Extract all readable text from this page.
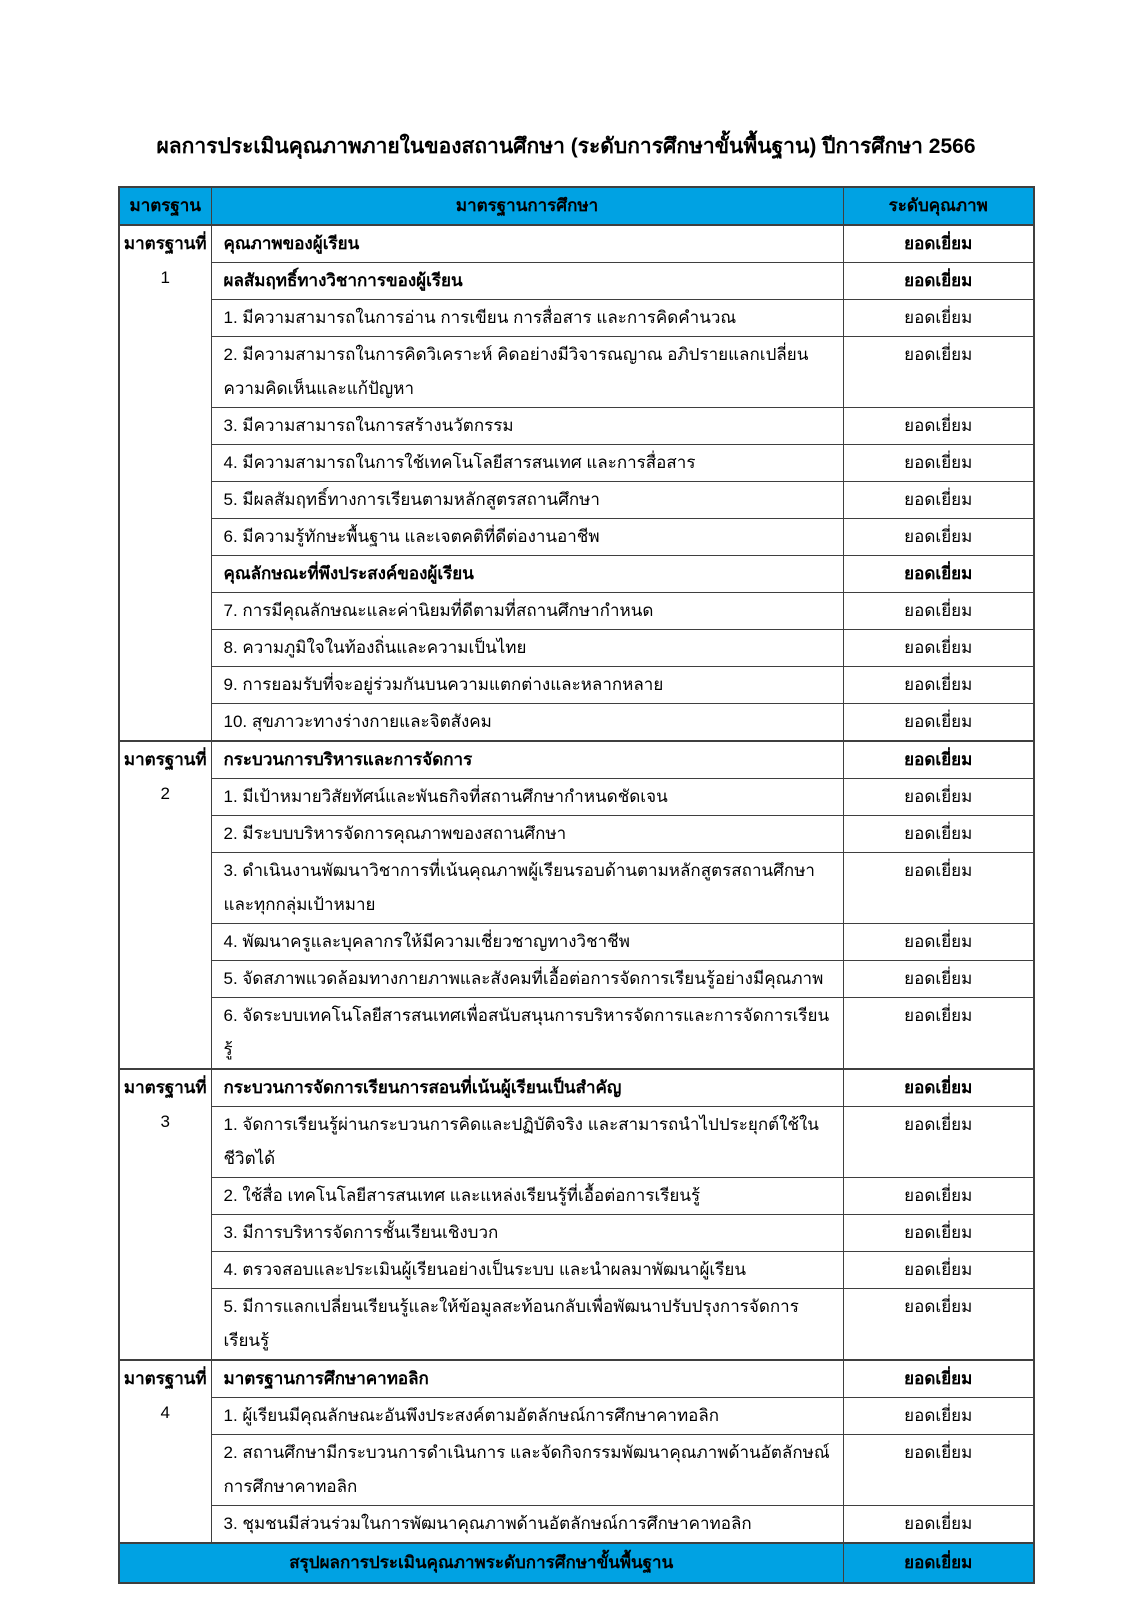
ผลการประเมินคุณภาพภายในของสถานศึกษา (ระดับการศึกษาขั้นพื้นฐาน) ปีการศึกษา 2566
มาตรฐาน	มาตรฐานการศึกษา	ระดับคุณภาพ

มาตรฐานที่
1	คุณภาพของผู้เรียน	ยอดเยี่ยม
	ผลสัมฤทธิ์ทางวิชาการของผู้เรียน	ยอดเยี่ยม
	1. มีความสามารถในการอ่าน การเขียน การสื่อสาร และการคิดคำนวณ	ยอดเยี่ยม
	2. มีความสามารถในการคิดวิเคราะห์ คิดอย่างมีวิจารณญาณ อภิปรายแลกเปลี่ยนความคิดเห็นและแก้ปัญหา	ยอดเยี่ยม
	3. มีความสามารถในการสร้างนวัตกรรม	ยอดเยี่ยม
	4. มีความสามารถในการใช้เทคโนโลยีสารสนเทศ และการสื่อสาร	ยอดเยี่ยม
	5. มีผลสัมฤทธิ์ทางการเรียนตามหลักสูตรสถานศึกษา	ยอดเยี่ยม
	6. มีความรู้ทักษะพื้นฐาน และเจตคติที่ดีต่องานอาชีพ	ยอดเยี่ยม
	คุณลักษณะที่พึงประสงค์ของผู้เรียน	ยอดเยี่ยม
	7. การมีคุณลักษณะและค่านิยมที่ดีตามที่สถานศึกษากำหนด	ยอดเยี่ยม
	8. ความภูมิใจในท้องถิ่นและความเป็นไทย	ยอดเยี่ยม
	9. การยอมรับที่จะอยู่ร่วมกันบนความแตกต่างและหลากหลาย	ยอดเยี่ยม
	10. สุขภาวะทางร่างกายและจิตสังคม	ยอดเยี่ยม

มาตรฐานที่
2	กระบวนการบริหารและการจัดการ	ยอดเยี่ยม
	1. มีเป้าหมายวิสัยทัศน์และพันธกิจที่สถานศึกษากำหนดชัดเจน	ยอดเยี่ยม
	2. มีระบบบริหารจัดการคุณภาพของสถานศึกษา	ยอดเยี่ยม
	3. ดำเนินงานพัฒนาวิชาการที่เน้นคุณภาพผู้เรียนรอบด้านตามหลักสูตรสถานศึกษาและทุกกลุ่มเป้าหมาย	ยอดเยี่ยม
	4. พัฒนาครูและบุคลากรให้มีความเชี่ยวชาญทางวิชาชีพ	ยอดเยี่ยม
	5. จัดสภาพแวดล้อมทางกายภาพและสังคมที่เอื้อต่อการจัดการเรียนรู้อย่างมีคุณภาพ	ยอดเยี่ยม
	6. จัดระบบเทคโนโลยีสารสนเทศเพื่อสนับสนุนการบริหารจัดการและการจัดการเรียนรู้	ยอดเยี่ยม

มาตรฐานที่
3	กระบวนการจัดการเรียนการสอนที่เน้นผู้เรียนเป็นสำคัญ	ยอดเยี่ยม
	1. จัดการเรียนรู้ผ่านกระบวนการคิดและปฏิบัติจริง และสามารถนำไปประยุกต์ใช้ในชีวิตได้	ยอดเยี่ยม
	2. ใช้สื่อ เทคโนโลยีสารสนเทศ และแหล่งเรียนรู้ที่เอื้อต่อการเรียนรู้	ยอดเยี่ยม
	3. มีการบริหารจัดการชั้นเรียนเชิงบวก	ยอดเยี่ยม
	4. ตรวจสอบและประเมินผู้เรียนอย่างเป็นระบบ และนำผลมาพัฒนาผู้เรียน	ยอดเยี่ยม
	5. มีการแลกเปลี่ยนเรียนรู้และให้ข้อมูลสะท้อนกลับเพื่อพัฒนาปรับปรุงการจัดการเรียนรู้	ยอดเยี่ยม

มาตรฐานที่
4	มาตรฐานการศึกษาคาทอลิก	ยอดเยี่ยม
	1. ผู้เรียนมีคุณลักษณะอันพึงประสงค์ตามอัตลักษณ์การศึกษาคาทอลิก	ยอดเยี่ยม
	2. สถานศึกษามีกระบวนการดำเนินการ และจัดกิจกรรมพัฒนาคุณภาพด้านอัตลักษณ์การศึกษาคาทอลิก	ยอดเยี่ยม
	3. ชุมชนมีส่วนร่วมในการพัฒนาคุณภาพด้านอัตลักษณ์การศึกษาคาทอลิก	ยอดเยี่ยม
สรุปผลการประเมินคุณภาพระดับการศึกษาขั้นพื้นฐาน		ยอดเยี่ยม
